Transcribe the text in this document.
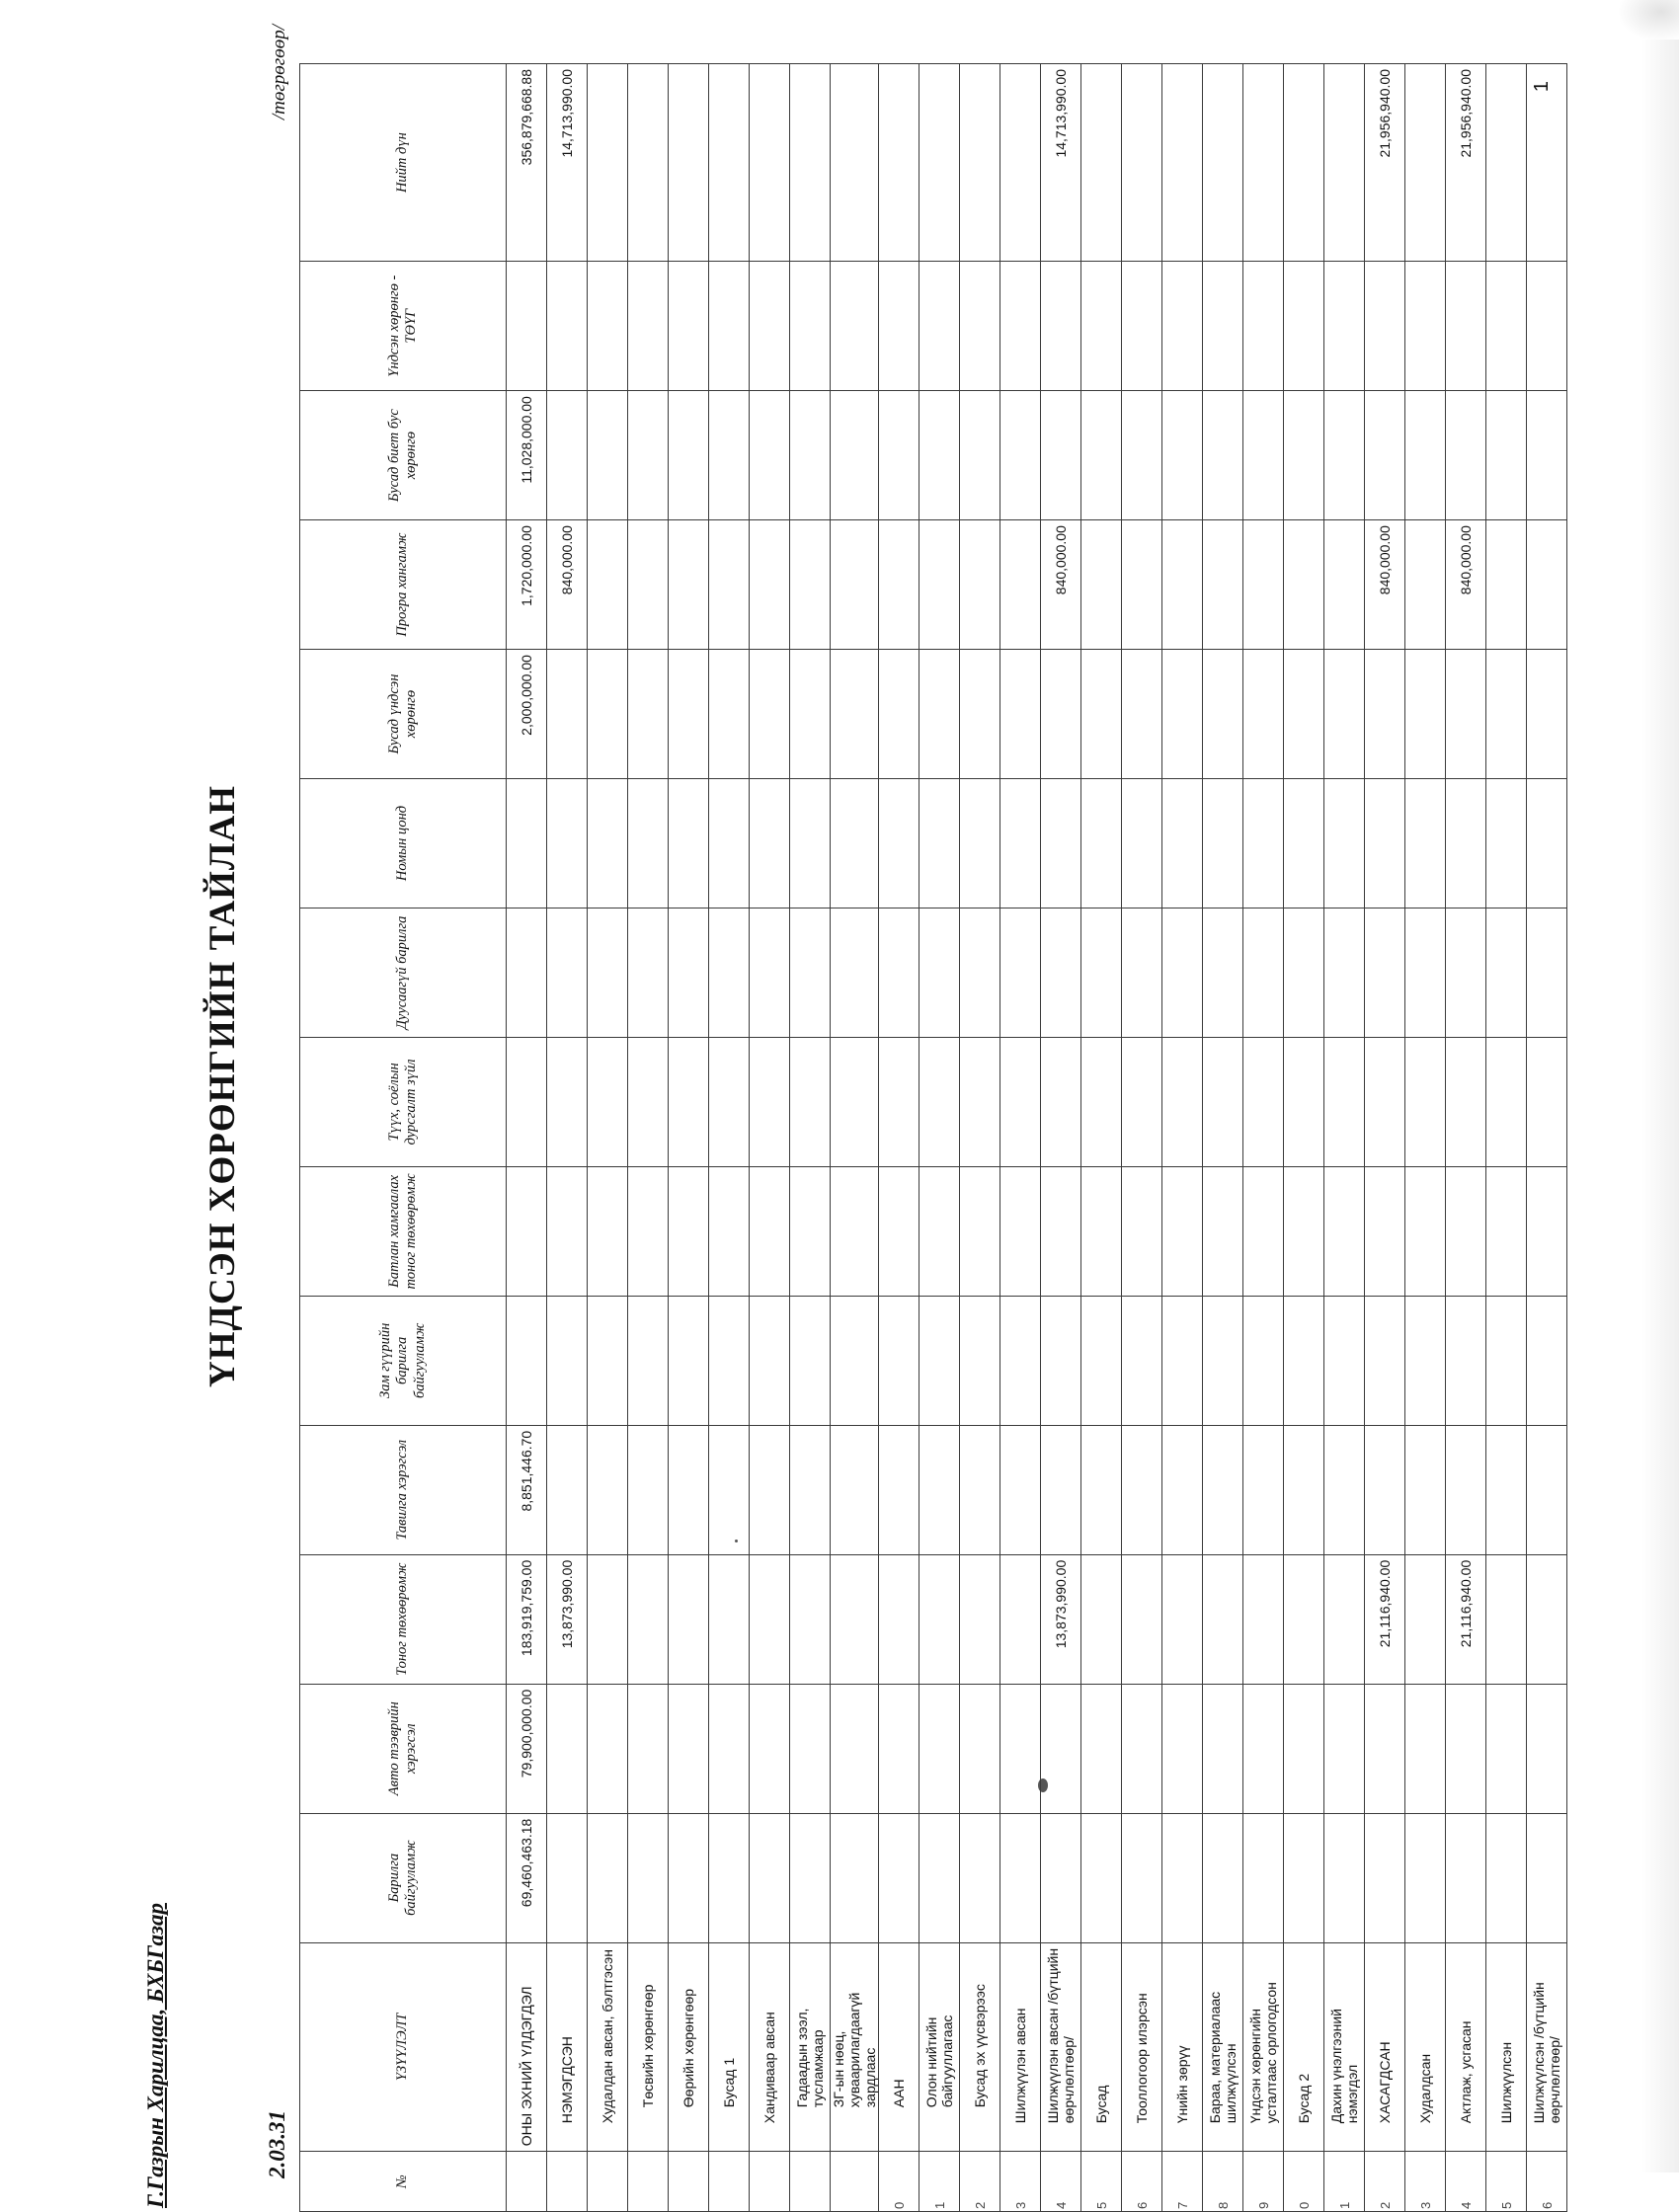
Г.Газрын Харилцаа, БХБГазар	2.03.31
ҮНДСЭН ХӨРӨНГИЙН ТАЙЛАН
/төгрөгөөр/	1
№	ҮЗҮҮЛЭЛТ	Барилга байгууламж	Авто тээврийн хэрэгсэл	Тоног төхөөрөмж	Тавилга хэрэгсэл	Зам гүүрийн барилга байгууламж	Батлан хамгаалах тоног төхөөрөмж	Түүх, соёлын дурсгалт зүйл	Дуусаагүй барилга	Номын цонд	Бусад үндсэн хөрөнгө	Програ хангамж	Бусад биет бус хөрөнгө	Үндсэн хөрөнгө - ТӨҮГ	Нийт дүн
	ОНЫ ЭХНИЙ ҮЛДЭГДЭЛ	69,460,463.18	79,900,000.00	183,919,759.00	8,851,446.70						2,000,000.00	1,720,000.00	11,028,000.00		356,879,668.88
	НЭМЭГДСЭН			13,873,990.00								840,000.00			14,713,990.00
	Худалдан авсан, бэлтгэсэн														
	Төсвийн хөрөнгөөр														
	Өөрийн хөрөнгөөр														
	Бусад 1														
	Хандиваар авсан														
	Гадаадын зээл, тусламжаар														
	ЗГ-ын нөөц, хуваарилагдаагүй зардлаас														
0	ААН														
1	Олон нийтийн байгууллагаас														
2	Бусад эх үүсвэрээс														
3	Шилжүүлэн авсан														
4	Шилжүүлэн авсан /бүтцийн өөрчлөлтөөр/			13,873,990.00								840,000.00			14,713,990.00
5	Бусад														
6	Тооллогоор илэрсэн														
7	Үнийн зөрүү														
8	Бараа, материалаас шилжүүлсэн														
9	Үндсэн хөрөнгийн усталтаас орлогодсон														
0	Бусад 2														
1	Дахин үнэлгээний нэмэгдэл														
2	ХАСАГДСАН			21,116,940.00								840,000.00			21,956,940.00
3	Худалдсан														
4	Актлаж, усгасан			21,116,940.00								840,000.00			21,956,940.00
5	Шилжүүлсэн														
6	Шилжүүлсэн /бүтцийн өөрчлөлтөөр/														
